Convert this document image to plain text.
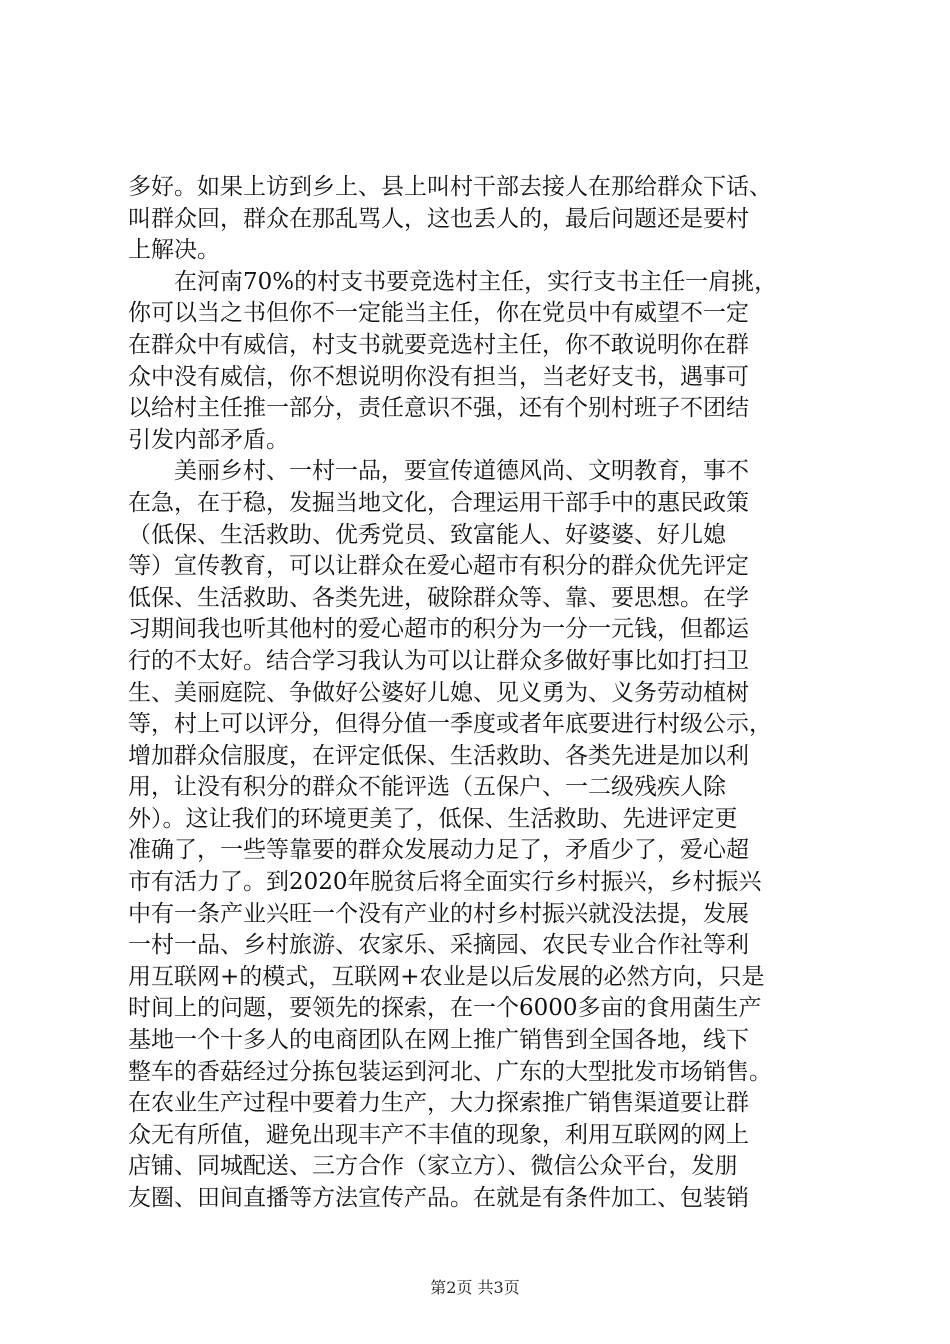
多好。如果上访到乡上、县上叫村干部去接人在那给群众下话、
叫群众回，群众在那乱骂人，这也丢人的，最后问题还是要村
上解决。
　　在河南70%的村支书要竞选村主任，实行支书主任一肩挑，
你可以当之书但你不一定能当主任，你在党员中有威望不一定
在群众中有威信，村支书就要竞选村主任，你不敢说明你在群
众中没有威信，你不想说明你没有担当，当老好支书，遇事可
以给村主任推一部分，责任意识不强，还有个别村班子不团结
引发内部矛盾。
　　美丽乡村、一村一品，要宣传道德风尚、文明教育，事不
在急，在于稳，发掘当地文化，合理运用干部手中的惠民政策
（低保、生活救助、优秀党员、致富能人、好婆婆、好儿媳
等）宣传教育，可以让群众在爱心超市有积分的群众优先评定
低保、生活救助、各类先进，破除群众等、靠、要思想。在学
习期间我也听其他村的爱心超市的积分为一分一元钱，但都运
行的不太好。结合学习我认为可以让群众多做好事比如打扫卫
生、美丽庭院、争做好公婆好儿媳、见义勇为、义务劳动植树
等，村上可以评分，但得分值一季度或者年底要进行村级公示，
增加群众信服度，在评定低保、生活救助、各类先进是加以利
用，让没有积分的群众不能评选（五保户、一二级残疾人除
外）。这让我们的环境更美了，低保、生活救助、先进评定更
准确了，一些等靠要的群众发展动力足了，矛盾少了，爱心超
市有活力了。到2020年脱贫后将全面实行乡村振兴，乡村振兴
中有一条产业兴旺一个没有产业的村乡村振兴就没法提，发展
一村一品、乡村旅游、农家乐、采摘园、农民专业合作社等利
用互联网+的模式，互联网+农业是以后发展的必然方向，只是
时间上的问题，要领先的探索，在一个6000多亩的食用菌生产
基地一个十多人的电商团队在网上推广销售到全国各地，线下
整车的香菇经过分拣包装运到河北、广东的大型批发市场销售。
在农业生产过程中要着力生产，大力探索推广销售渠道要让群
众无有所值，避免出现丰产不丰值的现象，利用互联网的网上
店铺、同城配送、三方合作（家立方）、微信公众平台，发朋
友圈、田间直播等方法宣传产品。在就是有条件加工、包装销
第2页 共3页
